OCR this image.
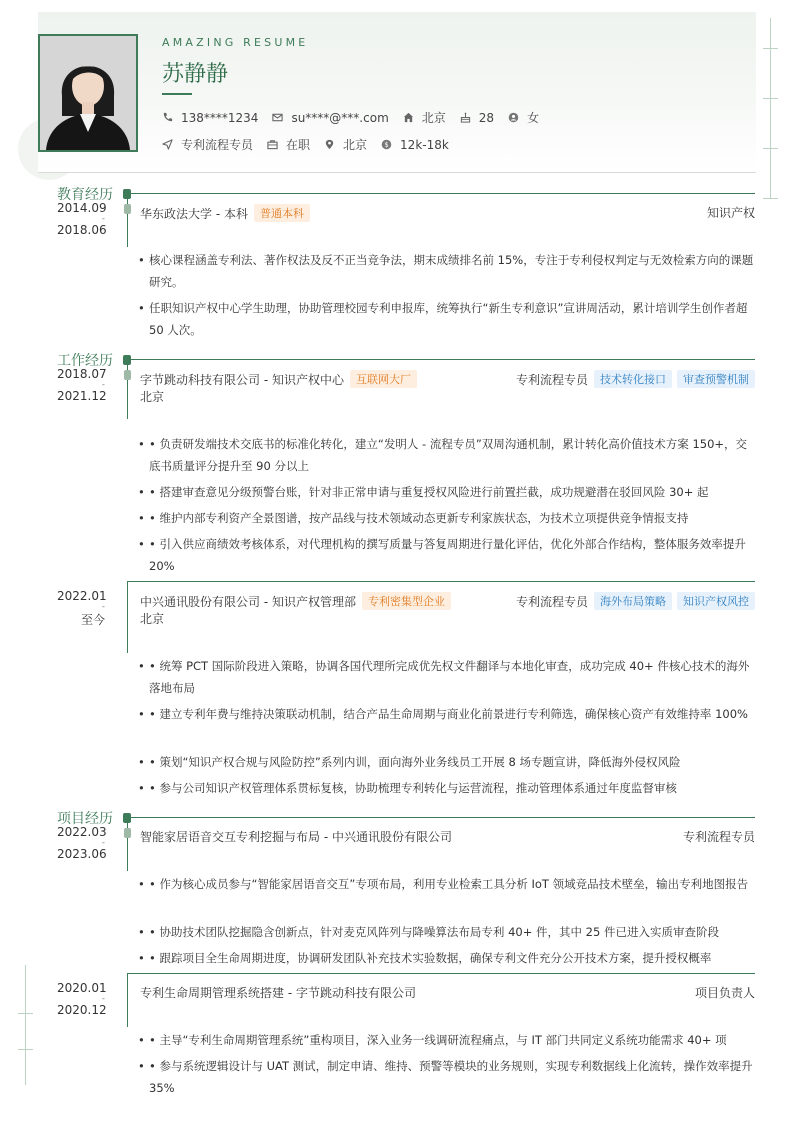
AMAZING RESUME
苏静静
138****1234	su****@***.com	北京	28	女
专利流程专员	在职	北京 $ 12k-18k
教育经历
2014.09
-
2018.06
华东政法大学 - 本科	普通本科	知识产权
• 核心课程涵盖专利法、著作权法及反不正当竞争法，期末成绩排名前 15%，专注于专利侵权判定与无效检索方向的课题研究。
• 任职知识产权中心学生助理，协助管理校园专利申报库，统筹执行“新生专利意识”宣讲周活动，累计培训学生创作者超 50 人次。
工作经历
2018.07
-
2021.12
字节跳动科技有限公司 - 知识产权中心	互联网大厂
北京
专利流程专员	技术转化接口	审查预警机制
• • 负责研发端技术交底书的标准化转化，建立“发明人 - 流程专员”双周沟通机制，累计转化高价值技术方案 150+，交底书质量评分提升至 90 分以上
• • 搭建审查意见分级预警台账，针对非正常申请与重复授权风险进行前置拦截，成功规避潜在驳回风险 30+ 起
• • 维护内部专利资产全景图谱，按产品线与技术领域动态更新专利家族状态，为技术立项提供竞争情报支持
• • 引入供应商绩效考核体系，对代理机构的撰写质量与答复周期进行量化评估，优化外部合作结构，整体服务效率提升 20%
2022.01
-
至今
中兴通讯股份有限公司 - 知识产权管理部	专利密集型企业
北京
专利流程专员	海外布局策略	知识产权风控
• • 统筹 PCT 国际阶段进入策略，协调各国代理所完成优先权文件翻译与本地化审查，成功完成 40+ 件核心技术的海外落地布局
• • 建立专利年费与维持决策联动机制，结合产品生命周期与商业化前景进行专利筛选，确保核心资产有效维持率 100%
• • 策划“知识产权合规与风险防控”系列内训，面向海外业务线员工开展 8 场专题宣讲，降低海外侵权风险
• • 参与公司知识产权管理体系贯标复核，协助梳理专利转化与运营流程，推动管理体系通过年度监督审核
项目经历
2022.03
-
2023.06
智能家居语音交互专利挖掘与布局 - 中兴通讯股份有限公司	专利流程专员
• • 作为核心成员参与“智能家居语音交互”专项布局，利用专业检索工具分析 IoT 领域竞品技术壁垒，输出专利地图报告
• • 协助技术团队挖掘隐含创新点，针对麦克风阵列与降噪算法布局专利 40+ 件，其中 25 件已进入实质审查阶段
• • 跟踪项目全生命周期进度，协调研发团队补充技术实验数据，确保专利文件充分公开技术方案，提升授权概率
2020.01
-
2020.12
专利生命周期管理系统搭建 - 字节跳动科技有限公司	项目负责人
• • 主导“专利生命周期管理系统”重构项目，深入业务一线调研流程痛点，与 IT 部门共同定义系统功能需求 40+ 项
• • 参与系统逻辑设计与 UAT 测试，制定申请、维持、预警等模块的业务规则，实现专利数据线上化流转，操作效率提升 35%
